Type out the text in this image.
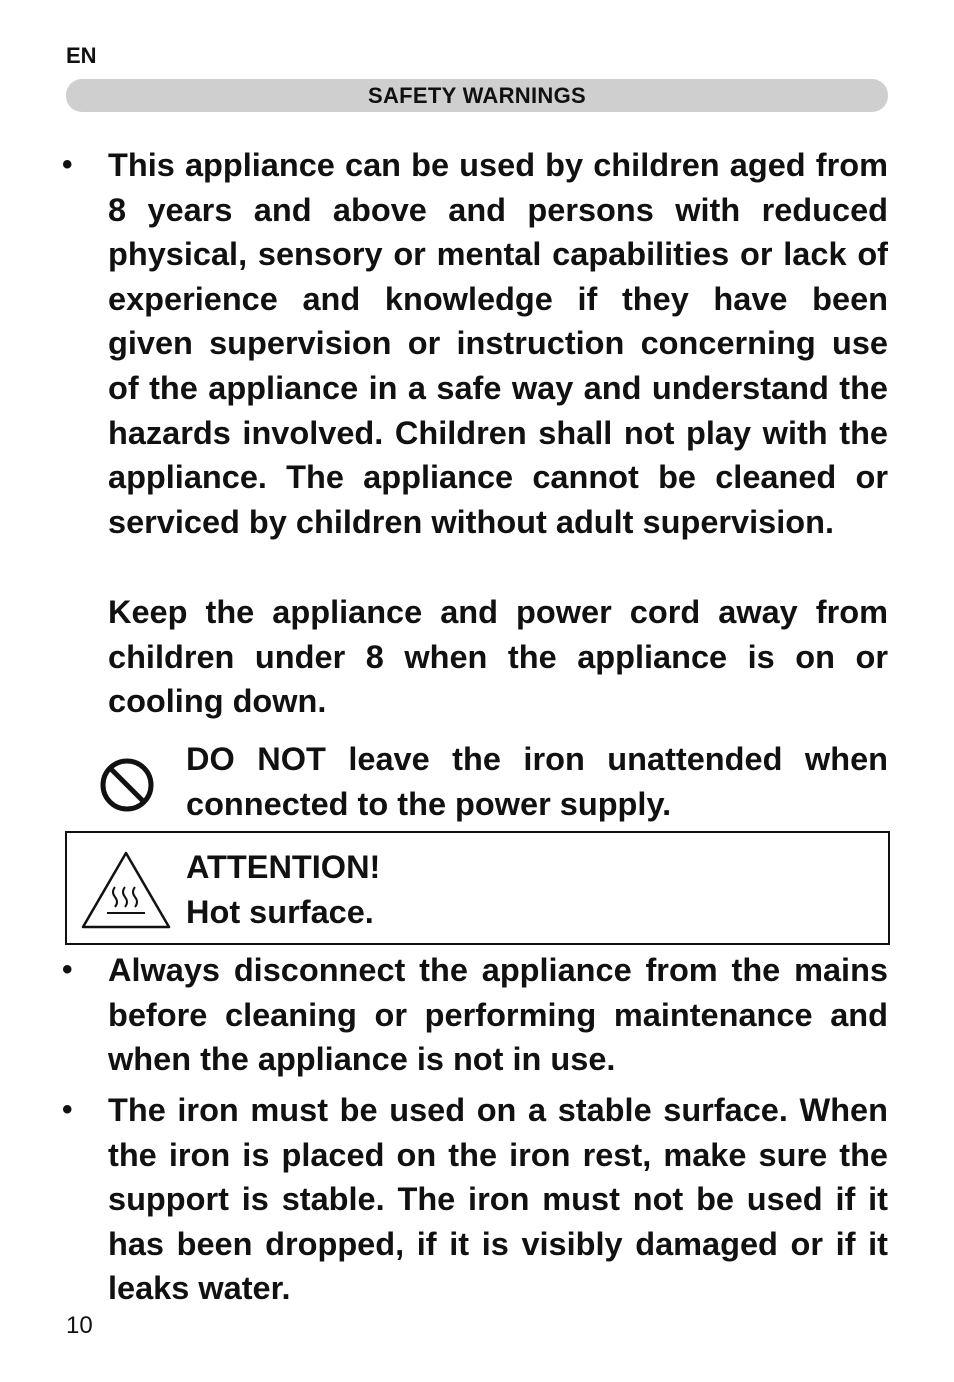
EN
SAFETY WARNINGS
• This appliance can be used by children aged from 8 years and above and persons with reduced physical, sensory or mental capabilities or lack of experience and knowledge if they have been given supervision or instruction concerning use of the appliance in a safe way and understand the hazards involved. Children shall not play with the appliance. The appliance cannot be cleaned or serviced by children without adult supervision.

Keep the appliance and power cord away from children under 8 when the appliance is on or cooling down.

DO NOT leave the iron unattended when connected to the power supply.

ATTENTION!
Hot surface.
• Always disconnect the appliance from the mains before cleaning or performing maintenance and when the appliance is not in use.

• The iron must be used on a stable surface. When the iron is placed on the iron rest, make sure the support is stable. The iron must not be used if it has been dropped, if it is visibly damaged or if it leaks water.

10
